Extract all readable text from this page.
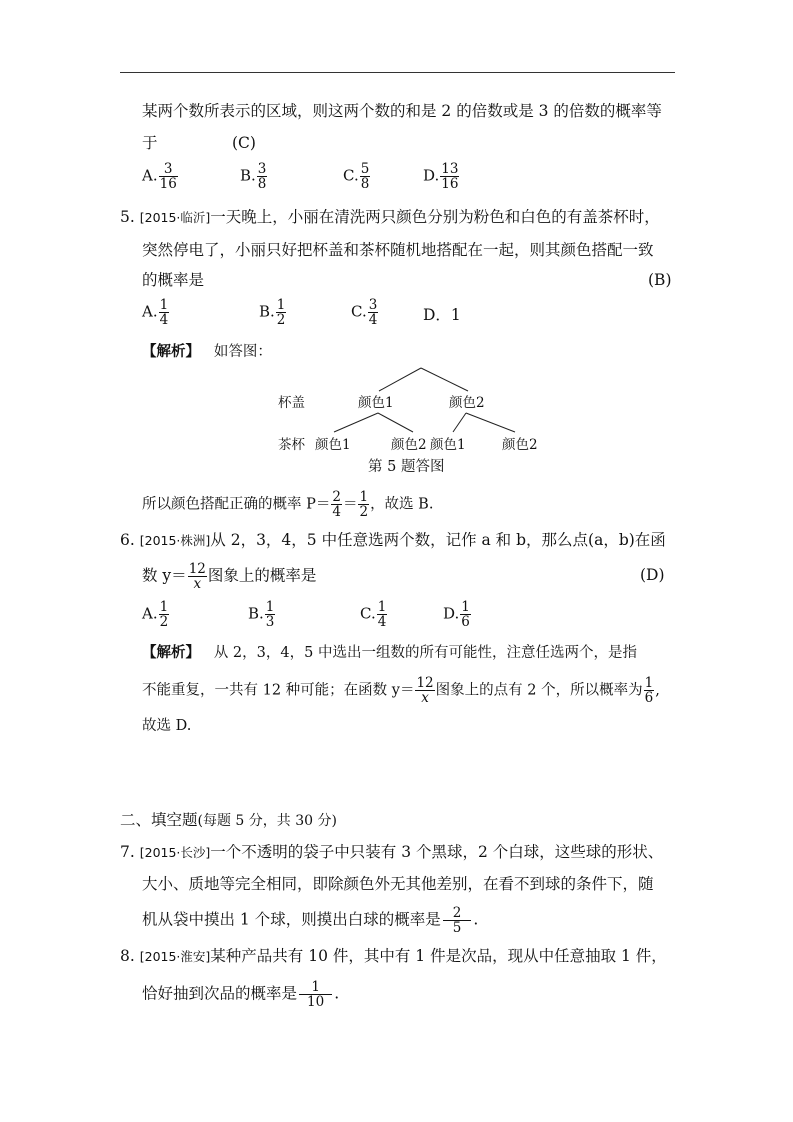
某两个数所表示的区域，则这两个数的和是 2 的倍数或是 3 的倍数的概率等
于	(C)
A. $\frac{3}{16}$	B. $\frac{3}{8}$	C. $\frac{5}{8}$	D. $\frac{13}{16}$
5. [2015·临沂]一天晚上，小丽在清洗两只颜色分别为粉色和白色的有盖茶杯时，
突然停电了，小丽只好把杯盖和茶杯随机地搭配在一起，则其颜色搭配一致
的概率是	(B)
A. $\frac{1}{4}$	B. $\frac{1}{2}$	C. $\frac{3}{4}$	D．1
【解析】 如答图：
杯盖	颜色1	颜色2
茶杯 颜色1	颜色2 颜色1	颜色2
第 5 题答图
所以颜色搭配正确的概率 $P= \frac{2}{4} = \frac{1}{2}$ ，故选 B.
6. [2015·株洲]从 2，3，4，5 中任意选两个数，记作 a 和 b，那么点(a，b)在函
数 $y= \frac{12}{x}$ 图象上的概率是	(D)
A. $\frac{1}{2}$	B. $\frac{1}{3}$	C. $\frac{1}{4}$	D. $\frac{1}{6}$
【解析】 从 2，3，4，5 中选出一组数的所有可能性，注意任选两个，是指
不能重复，一共有 12 种可能；在函数 $y= \frac{12}{x}$ 图象上的点有 2 个，所以概率为 $\frac{1}{6}$ ,
故选 D.
二、填空题(每题 5 分，共 30 分)
7. [2015·长沙]一个不透明的袋子中只装有 3 个黑球，2 个白球，这些球的形状、
大小、质地等完全相同，即除颜色外无其他差别，在看不到球的条件下，随
机从袋中摸出 1 个球，则摸出白球的概率是 $\frac{2}{5}$ .
8. [2015·淮安]某种产品共有 10 件，其中有 1 件是次品，现从中任意抽取 1 件，
恰好抽到次品的概率是 $\frac{1}{10}$ .
